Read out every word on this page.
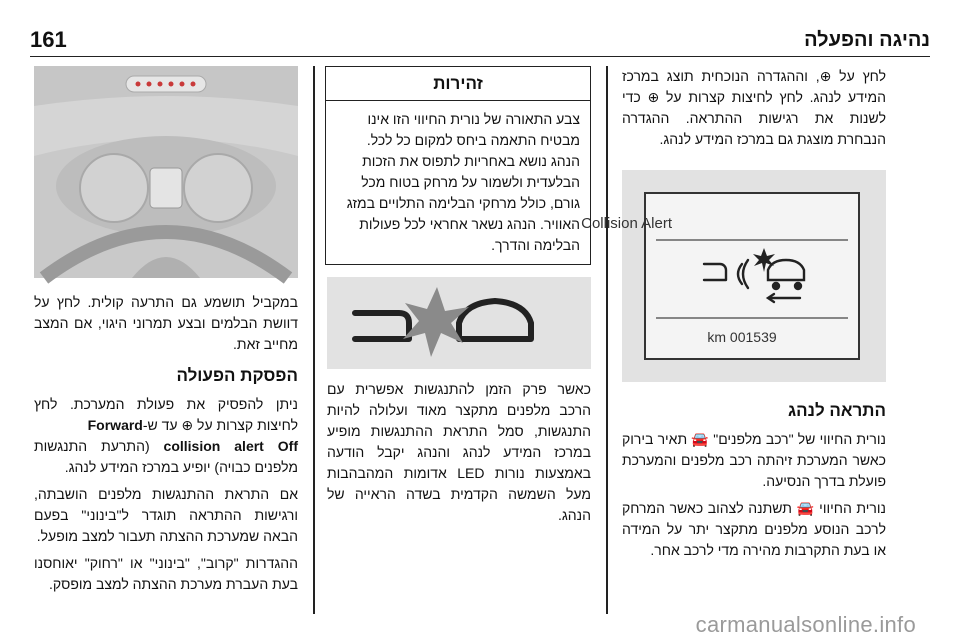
161	נהיגה והפעלה

לחץ על ⊕, וההגדרה הנוכחית תוצג במרכז המידע לנהג. לחץ לחיצות קצרות על ⊕ כדי לשנות את רגישות ההתראה. ההגדרה הנבחרת מוצגת גם במרכז המידע לנהג.

Collision Alert
001539 km
התראה לנהג

נורית החיווי של "רכב מלפנים" 🚘 תאיר בירוק כאשר המערכת זיהתה רכב מלפנים והמערכת פועלת בדרך הנסיעה.

נורית החיווי 🚘 תשתנה לצהוב כאשר המרחק לרכב הנוסע מלפנים מתקצר יתר על המידה או בעת התקרבות מהירה מדי לרכב אחר.

זהירות
צבע התאורה של נורית החיווי הזו אינו מבטיח התאמה ביחס למקום כל לכל. הנהג נושא באחריות לתפוס את הזכות הבלעדית ולשמור על מרחק בטוח מכל גורם, כולל מרחקי הבלימה התלויים במזג האוויר. הנהג נשאר אחראי לכל פעולות הבלימה והדרך.

כאשר פרק הזמן להתנגשות אפשרית עם הרכב מלפנים מתקצר מאוד ועלולה להיות התנגשות, סמל התראת ההתנגשות מופיע במרכז המידע לנהג והנהג יקבל הודעה באמצעות נורות LED אדומות המהבהבות מעל השמשה הקדמית בשדה הראייה של הנהג.

במקביל תושמע גם התרעה קולית. לחץ על דוושת הבלמים ובצע תמרוני היגוי, אם המצב מחייב זאת.

הפסקת הפעולה

ניתן להפסיק את פעולת המערכת. לחץ לחיצות קצרות על ⊕ עד ש-Forward
collision alert Off (התרעת התנגשות מלפנים כבויה) יופיע במרכז המידע לנהג.

אם התראת ההתנגשות מלפנים הושבתה, ורגישות ההתראה תוגדר ל"בינוני" בפעם הבאה שמערכת ההצתה תעבור למצב מופעל.

ההגדרות "קרוב", "בינוני" או "רחוק" יאוחסנו בעת העברת מערכת ההצתה למצב מופסק.

carmanualsonline.info
